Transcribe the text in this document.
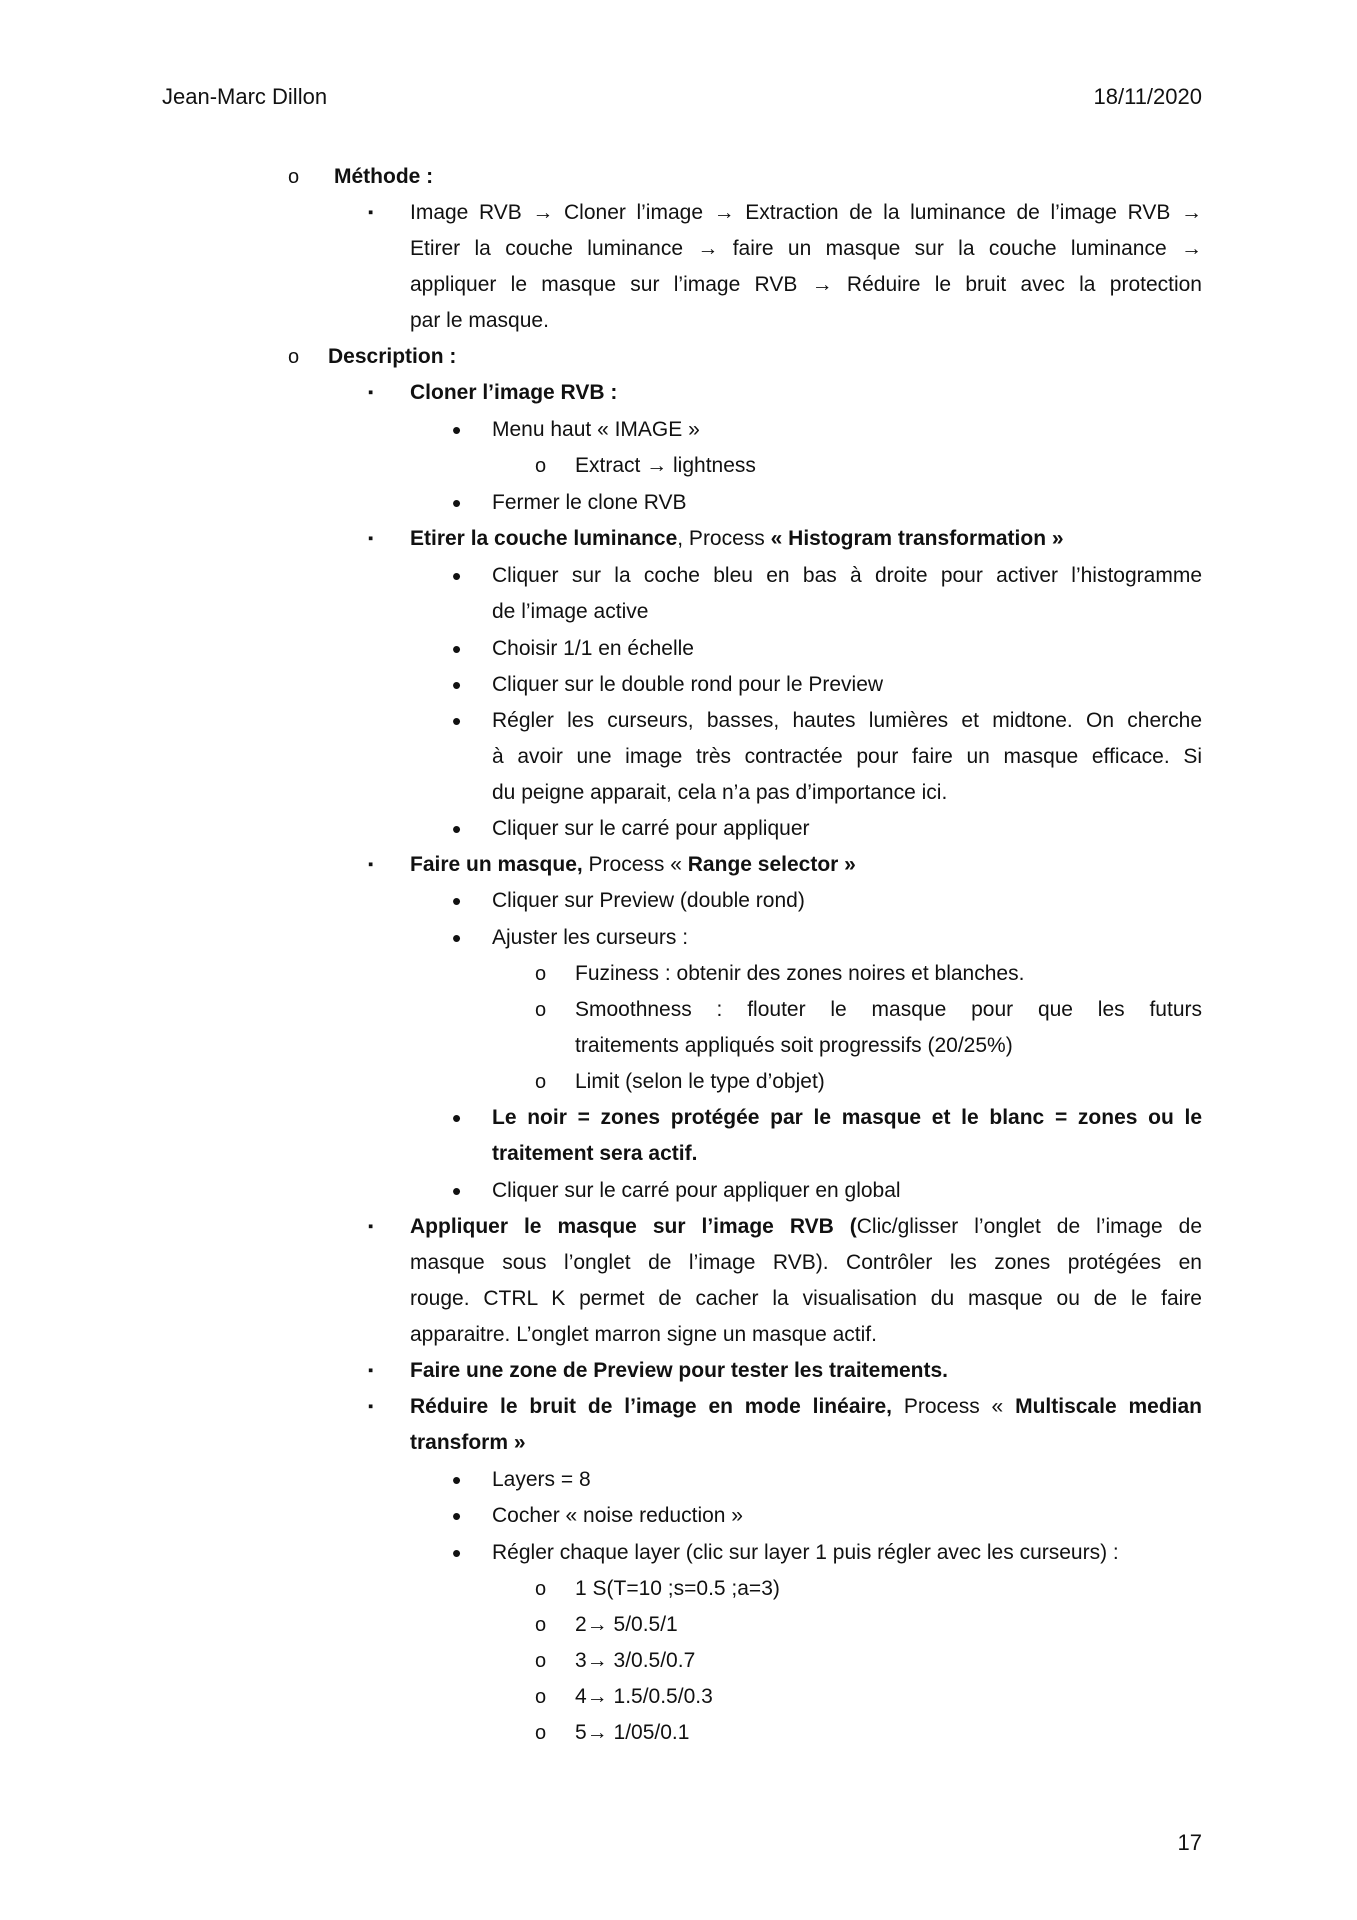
Jean-Marc Dillon	18/11/2020
o Méthode :
▪ Image RVB → Cloner l’image → Extraction de la luminance de l’image RVB →
Etirer la couche luminance → faire un masque sur la couche luminance →
appliquer le masque sur l’image RVB → Réduire le bruit avec la protection
par le masque.
o Description :
▪ Cloner l’image RVB :
• Menu haut « IMAGE »
o Extract → lightness
• Fermer le clone RVB
▪ Etirer la couche luminance, Process « Histogram transformation »
• Cliquer sur la coche bleu en bas à droite pour activer l’histogramme
de l’image active
• Choisir 1/1 en échelle
• Cliquer sur le double rond pour le Preview
• Régler les curseurs, basses, hautes lumières et midtone. On cherche
à avoir une image très contractée pour faire un masque efficace. Si
du peigne apparait, cela n’a pas d’importance ici.
• Cliquer sur le carré pour appliquer
▪ Faire un masque, Process « Range selector »
• Cliquer sur Preview (double rond)
• Ajuster les curseurs :
o Fuziness : obtenir des zones noires et blanches.
o Smoothness : flouter le masque pour que les futurs
traitements appliqués soit progressifs (20/25%)
o Limit (selon le type d’objet)
• Le noir = zones protégée par le masque et le blanc = zones ou le
traitement sera actif.
• Cliquer sur le carré pour appliquer en global
▪ Appliquer le masque sur l’image RVB (Clic/glisser l’onglet de l’image de
masque sous l’onglet de l’image RVB). Contrôler les zones protégées en
rouge. CTRL K permet de cacher la visualisation du masque ou de le faire
apparaitre. L’onglet marron signe un masque actif.
▪ Faire une zone de Preview pour tester les traitements.
▪ Réduire le bruit de l’image en mode linéaire, Process « Multiscale median
transform »
• Layers = 8
• Cocher « noise reduction »
• Régler chaque layer (clic sur layer 1 puis régler avec les curseurs) :
o 1 S(T=10 ;s=0.5 ;a=3)
o 2→ 5/0.5/1
o 3→ 3/0.5/0.7
o 4→ 1.5/0.5/0.3
o 5→ 1/05/0.1
17
